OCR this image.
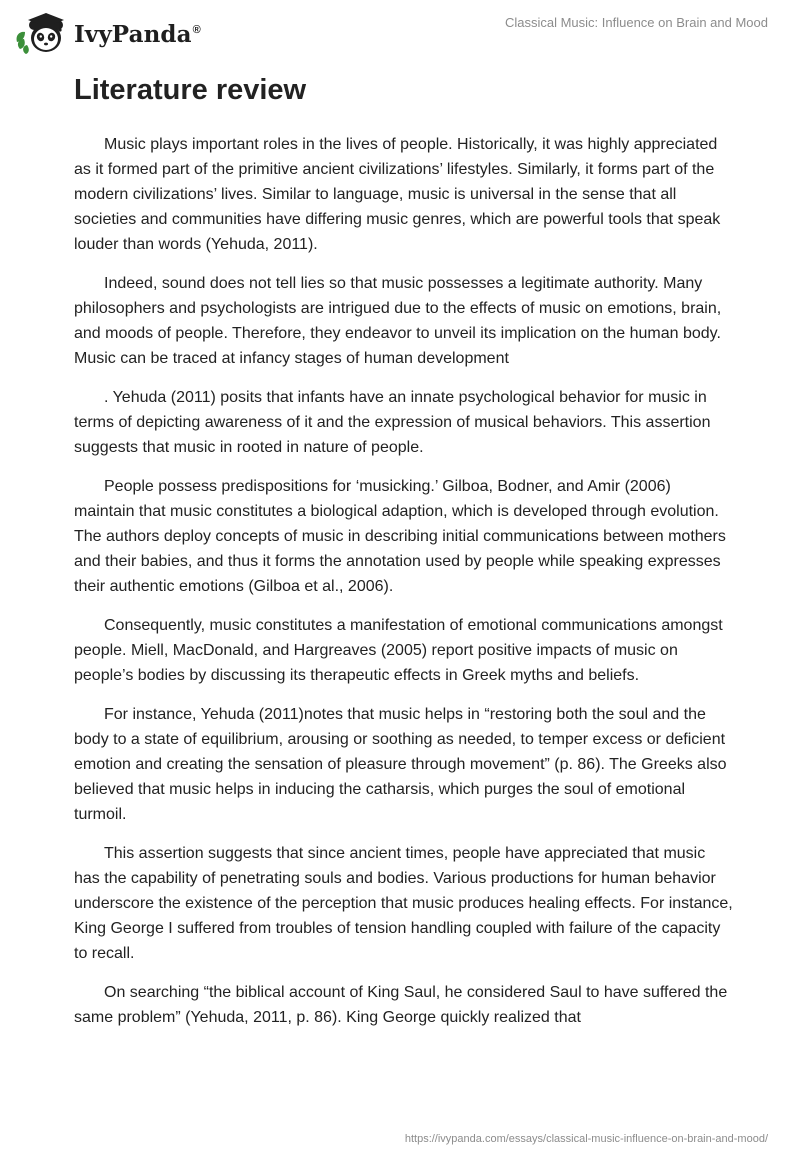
IvyPanda®	Classical Music: Influence on Brain and Mood
Literature review

Music plays important roles in the lives of people. Historically, it was highly appreciated as it formed part of the primitive ancient civilizations’ lifestyles. Similarly, it forms part of the modern civilizations’ lives. Similar to language, music is universal in the sense that all societies and communities have differing music genres, which are powerful tools that speak louder than words (Yehuda, 2011).

Indeed, sound does not tell lies so that music possesses a legitimate authority. Many philosophers and psychologists are intrigued due to the effects of music on emotions, brain, and moods of people. Therefore, they endeavor to unveil its implication on the human body. Music can be traced at infancy stages of human development

. Yehuda (2011) posits that infants have an innate psychological behavior for music in terms of depicting awareness of it and the expression of musical behaviors. This assertion suggests that music in rooted in nature of people.

People possess predispositions for ‘musicking.’ Gilboa, Bodner, and Amir (2006) maintain that music constitutes a biological adaption, which is developed through evolution. The authors deploy concepts of music in describing initial communications between mothers and their babies, and thus it forms the annotation used by people while speaking expresses their authentic emotions (Gilboa et al., 2006).

Consequently, music constitutes a manifestation of emotional communications amongst people. Miell, MacDonald, and Hargreaves (2005) report positive impacts of music on people’s bodies by discussing its therapeutic effects in Greek myths and beliefs.

For instance, Yehuda (2011)notes that music helps in “restoring both the soul and the body to a state of equilibrium, arousing or soothing as needed, to temper excess or deficient emotion and creating the sensation of pleasure through movement” (p. 86). The Greeks also believed that music helps in inducing the catharsis, which purges the soul of emotional turmoil.

This assertion suggests that since ancient times, people have appreciated that music has the capability of penetrating souls and bodies. Various productions for human behavior underscore the existence of the perception that music produces healing effects. For instance, King George I suffered from troubles of tension handling coupled with failure of the capacity to recall.

On searching “the biblical account of King Saul, he considered Saul to have suffered the same problem” (Yehuda, 2011, p. 86). King George quickly realized that

https://ivypanda.com/essays/classical-music-influence-on-brain-and-mood/
